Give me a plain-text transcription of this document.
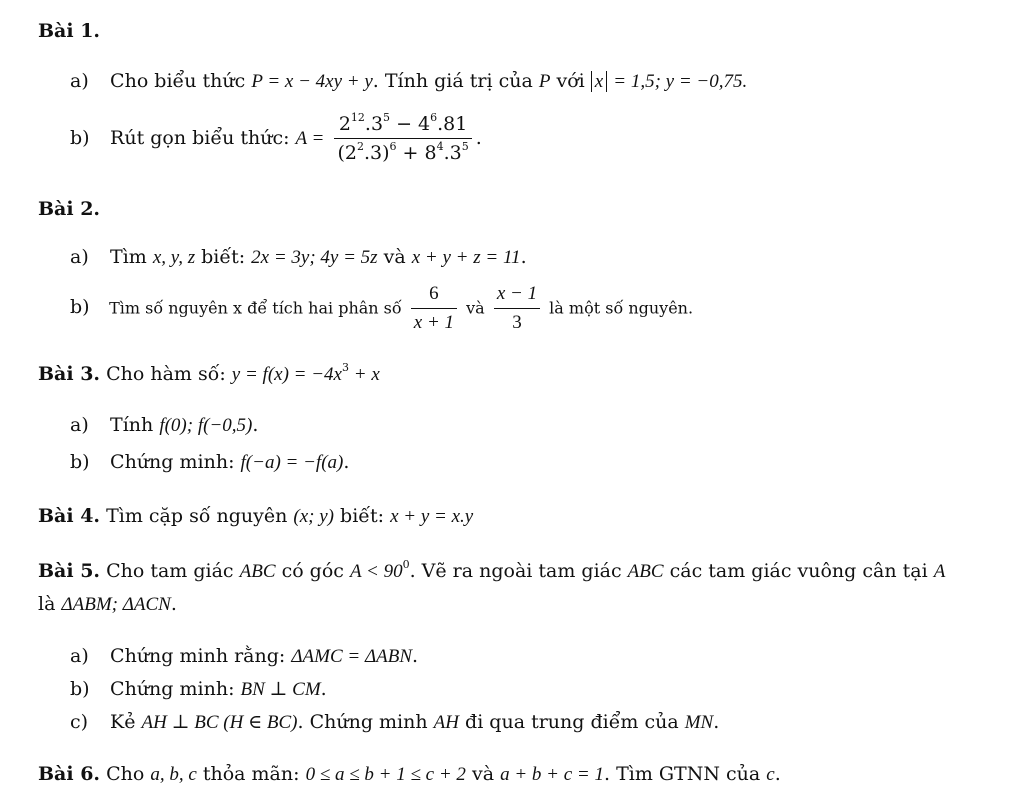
Bài 1.
a) Cho biểu thức P = x − 4xy + y. Tính giá trị của P với x = 1,5; y = −0,75.
b) Rút gọn biểu thức: $A = \frac{2^{12}.3^5 - 4^6.81}{(2^2.3)^6 + 8^4.3^5}$ .
Bài 2.
a) Tìm x, y, z biết: 2x = 3y; 4y = 5z và x + y + z = 11.
b) Tìm số nguyên x để tích hai phân số $\frac{6}{x + 1}$ và $\frac{x - 1}{3}$ là một số nguyên.
Bài 3. Cho hàm số: $y = f(x) = -4x^3 + x$
a) Tính f(0); f(−0,5).
b) Chứng minh: f(−a) = −f(a).
Bài 4. Tìm cặp số nguyên (x; y) biết: x + y = x.y
Bài 5. Cho tam giác ABC có góc $A < 90^0$. Vẽ ra ngoài tam giác ABC các tam giác vuông cân tại A
là ΔABM; ΔACN.
a) Chứng minh rằng: ΔAMC = ΔABN.
b) Chứng minh: BN ⊥ CM.
c) Kẻ AH ⊥ BC (H ∈ BC). Chứng minh AH đi qua trung điểm của MN.
Bài 6. Cho a, b, c thỏa mãn: 0 ≤ a ≤ b + 1 ≤ c + 2 và a + b + c = 1. Tìm GTNN của c.
